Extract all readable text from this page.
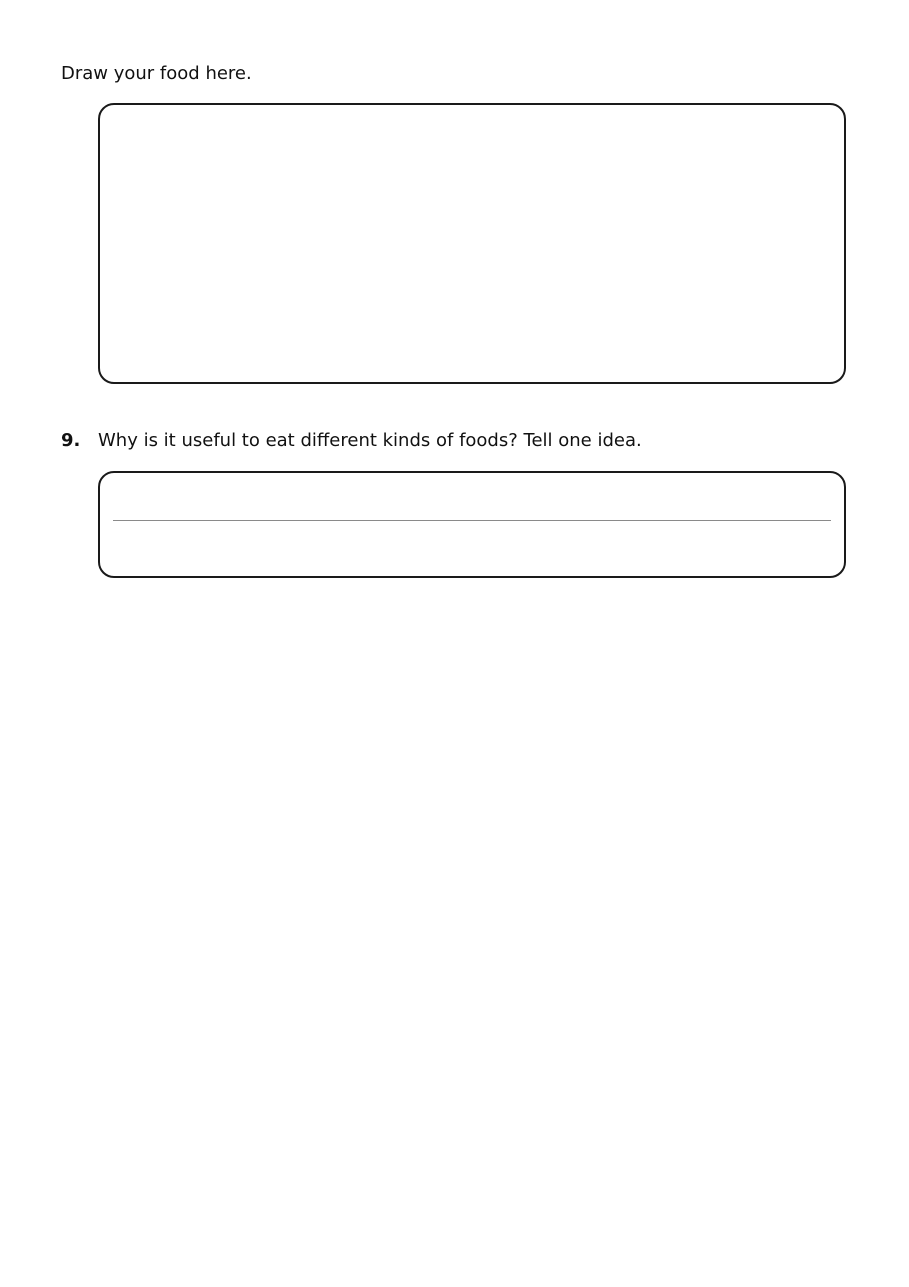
Draw your food here.
9. Why is it useful to eat different kinds of foods? Tell one idea.
